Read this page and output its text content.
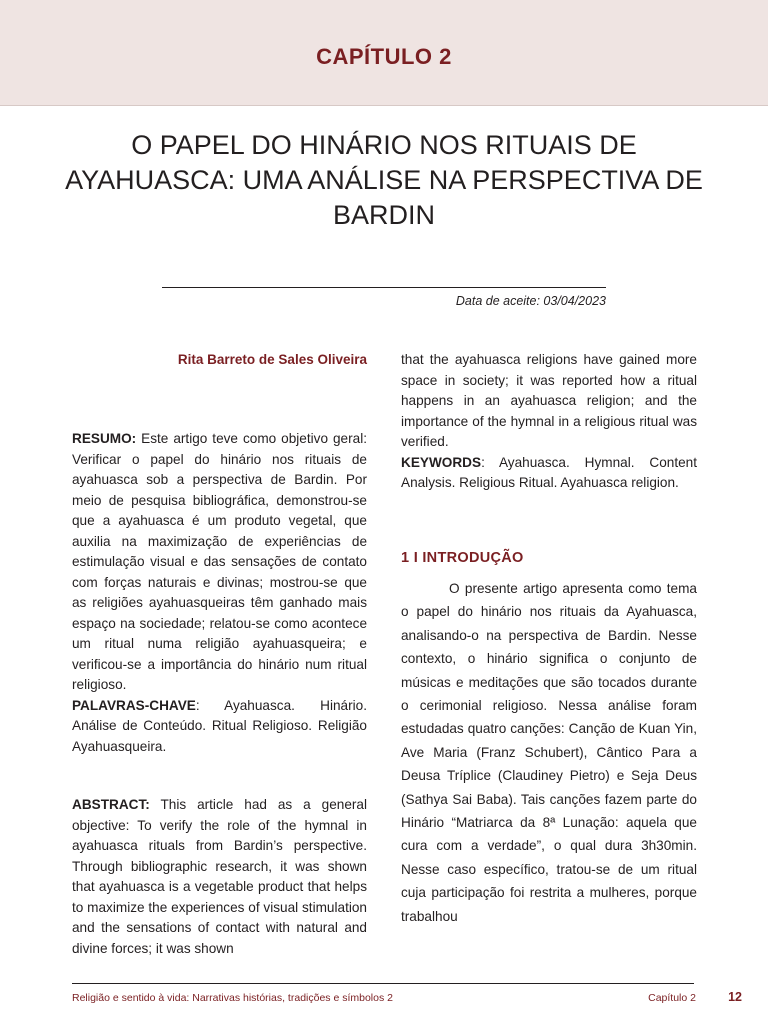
CAPÍTULO 2
O PAPEL DO HINÁRIO NOS RITUAIS DE AYAHUASCA: UMA ANÁLISE NA PERSPECTIVA DE BARDIN
Data de aceite: 03/04/2023
Rita Barreto de Sales Oliveira

RESUMO: Este artigo teve como objetivo geral: Verificar o papel do hinário nos rituais de ayahuasca sob a perspectiva de Bardin. Por meio de pesquisa bibliográfica, demonstrou-se que a ayahuasca é um produto vegetal, que auxilia na maximização de experiências de estimulação visual e das sensações de contato com forças naturais e divinas; mostrou-se que as religiões ayahuasqueiras têm ganhado mais espaço na sociedade; relatou-se como acontece um ritual numa religião ayahuasqueira; e verificou-se a importância do hinário num ritual religioso.

PALAVRAS-CHAVE: Ayahuasca. Hinário. Análise de Conteúdo. Ritual Religioso. Religião Ayahuasqueira.

ABSTRACT: This article had as a general objective: To verify the role of the hymnal in ayahuasca rituals from Bardin’s perspective. Through bibliographic research, it was shown that ayahuasca is a vegetable product that helps to maximize the experiences of visual stimulation and the sensations of contact with natural and divine forces; it was shown

that the ayahuasca religions have gained more space in society; it was reported how a ritual happens in an ayahuasca religion; and the importance of the hymnal in a religious ritual was verified.

KEYWORDS: Ayahuasca. Hymnal. Content Analysis. Religious Ritual. Ayahuasca religion.

1 I INTRODUÇÃO

O presente artigo apresenta como tema o papel do hinário nos rituais da Ayahuasca, analisando-o na perspectiva de Bardin. Nesse contexto, o hinário significa o conjunto de músicas e meditações que são tocados durante o cerimonial religioso. Nessa análise foram estudadas quatro canções: Canção de Kuan Yin, Ave Maria (Franz Schubert), Cântico Para a Deusa Tríplice (Claudiney Pietro) e Seja Deus (Sathya Sai Baba). Tais canções fazem parte do Hinário “Matriarca da 8ª Lunação: aquela que cura com a verdade”, o qual dura 3h30min. Nesse caso específico, tratou-se de um ritual cuja participação foi restrita a mulheres, porque trabalhou

Religião e sentido à vida: Narrativas histórias, tradições e símbolos 2	Capítulo 2	12
